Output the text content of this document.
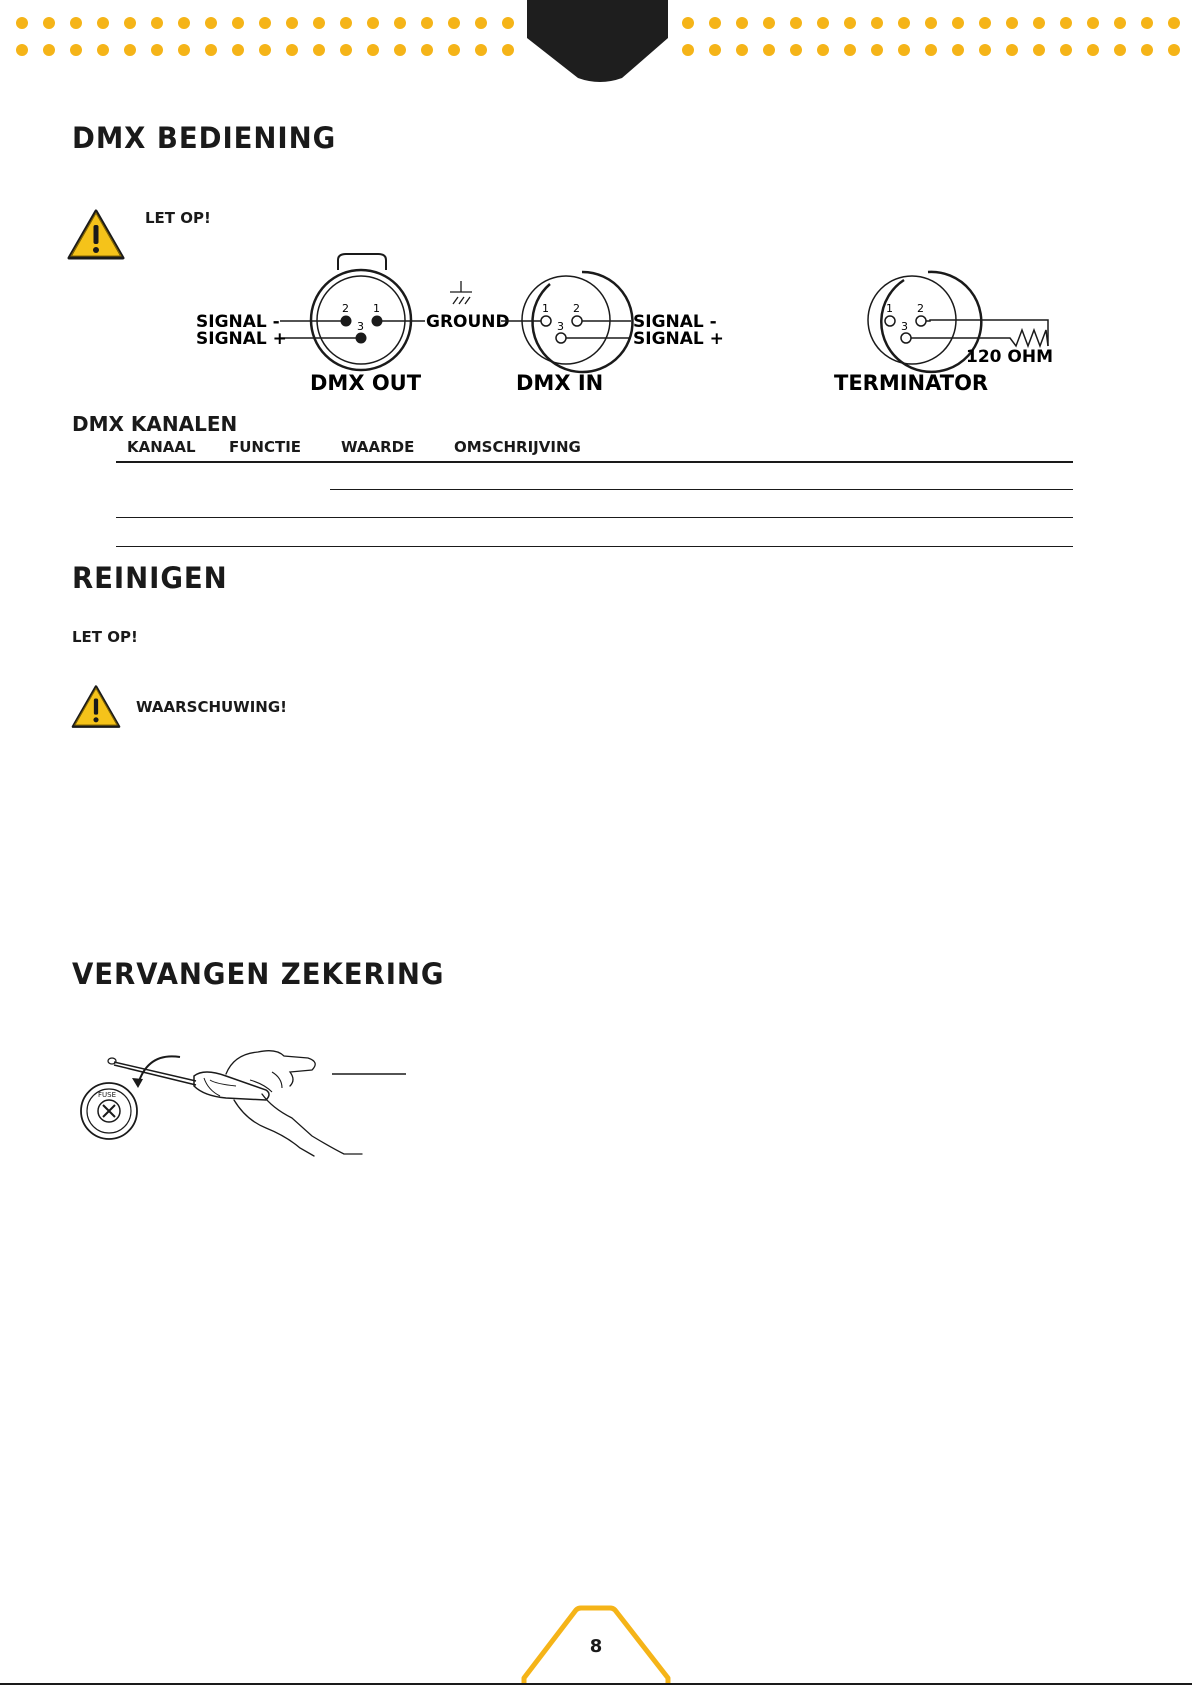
DMX BEDIENING

LET OP!

2 1
3
SIGNAL -
SIGNAL +
DMX OUT
GROUND
1 2
3	SIGNAL -
SIGNAL +
DMX IN
1 2
3
120 OHM
TERMINATOR
DMX KANALEN
KANAAL FUNCTIE	WAARDE	OMSCHRIJVING
REINIGEN

LET OP!

WAARSCHUWING!

VERVANGEN ZEKERING
FUSE
8
